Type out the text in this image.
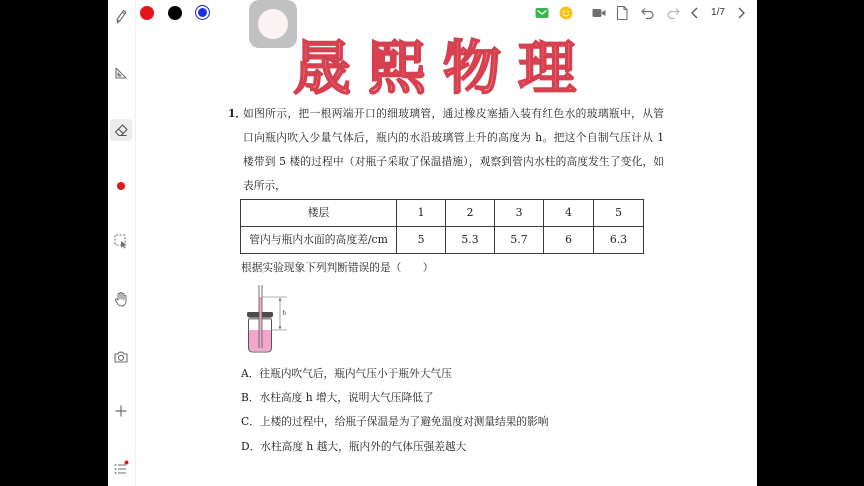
1/7
晟熙物理
1．
如图所示，把一根两端开口的细玻璃管，通过橡皮塞插入装有红色水的玻璃瓶中，从管
口向瓶内吹入少量气体后，瓶内的水沿玻璃管上升的高度为 h。把这个自制气压计从 1
楼带到 5 楼的过程中（对瓶子采取了保温措施），观察到管内水柱的高度发生了变化，如
表所示，
楼层	1	2	3	4	5
管内与瓶内水面的高度差/cm	5	5.3	5.7	6	6.3
根据实验现象下列判断错误的是（　　）
h
A．往瓶内吹气后，瓶内气压小于瓶外大气压
B．水柱高度 h 增大，说明大气压降低了
C．上楼的过程中，给瓶子保温是为了避免温度对测量结果的影响
D．水柱高度 h 越大，瓶内外的气体压强差越大
